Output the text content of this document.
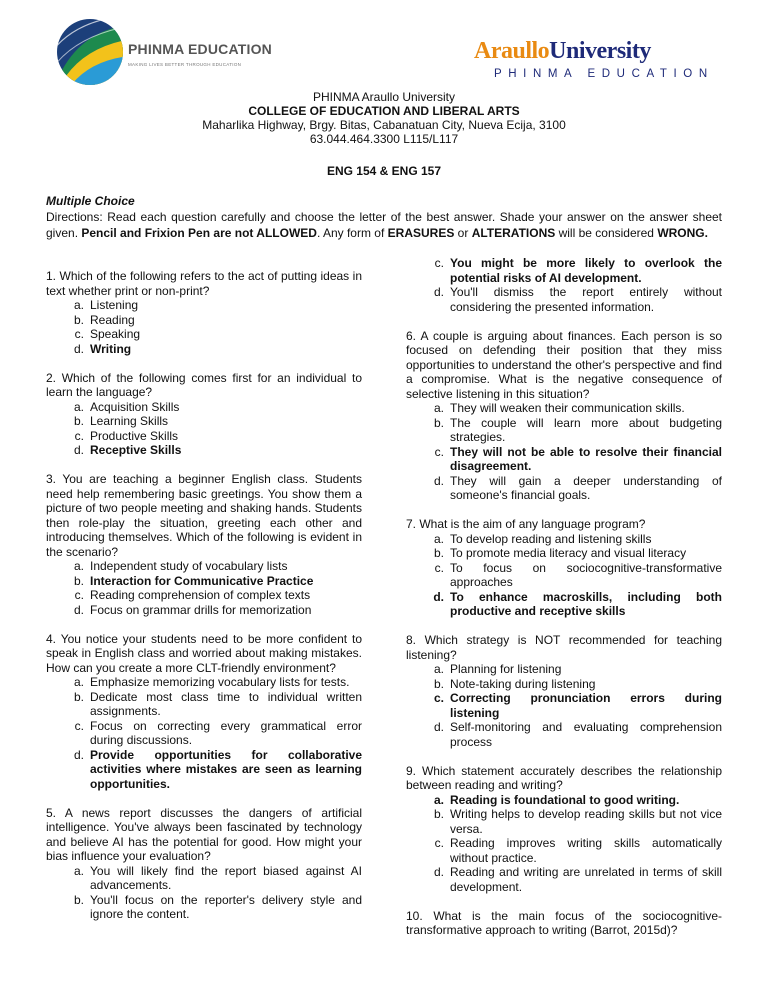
PHINMA EDUCATION
MAKING LIVES BETTER THROUGH EDUCATION
AraulloUniversity
PHINMA EDUCATION
PHINMA Araullo University
COLLEGE OF EDUCATION AND LIBERAL ARTS
Maharlika Highway, Brgy. Bitas, Cabanatuan City, Nueva Ecija, 3100
63.044.464.3300 L115/L117
ENG 154 & ENG 157
Multiple Choice
Directions: Read each question carefully and choose the letter of the best answer. Shade your answer on the answer sheet given. Pencil and Frixion Pen are not ALLOWED. Any form of ERASURES or ALTERATIONS will be considered WRONG.
1. Which of the following refers to the act of putting ideas in text whether print or non-print?
a. Listening
b. Reading
c. Speaking
d. Writing
2. Which of the following comes first for an individual to learn the language?
a. Acquisition Skills
b. Learning Skills
c. Productive Skills
d. Receptive Skills
3. You are teaching a beginner English class. Students need help remembering basic greetings. You show them a picture of two people meeting and shaking hands. Students then role-play the situation, greeting each other and introducing themselves. Which of the following is evident in the scenario?
a. Independent study of vocabulary lists
b. Interaction for Communicative Practice
c. Reading comprehension of complex texts
d. Focus on grammar drills for memorization
4. You notice your students need to be more confident to speak in English class and worried about making mistakes. How can you create a more CLT-friendly environment?
a. Emphasize memorizing vocabulary lists for tests.
b. Dedicate most class time to individual written assignments.
c. Focus on correcting every grammatical error during discussions.
d. Provide opportunities for collaborative activities where mistakes are seen as learning opportunities.
5. A news report discusses the dangers of artificial intelligence. You've always been fascinated by technology and believe AI has the potential for good. How might your bias influence your evaluation?
a. You will likely find the report biased against AI advancements.
b. You'll focus on the reporter's delivery style and ignore the content.
c. You might be more likely to overlook the potential risks of AI development.
d. You'll dismiss the report entirely without considering the presented information.
6. A couple is arguing about finances. Each person is so focused on defending their position that they miss opportunities to understand the other's perspective and find a compromise. What is the negative consequence of selective listening in this situation?
a. They will weaken their communication skills.
b. The couple will learn more about budgeting strategies.
c. They will not be able to resolve their financial disagreement.
d. They will gain a deeper understanding of someone's financial goals.
7. What is the aim of any language program?
a. To develop reading and listening skills
b. To promote media literacy and visual literacy
c. To focus on sociocognitive-transformative approaches
d. To enhance macroskills, including both productive and receptive skills
8. Which strategy is NOT recommended for teaching listening?
a. Planning for listening
b. Note-taking during listening
c. Correcting pronunciation errors during listening
d. Self-monitoring and evaluating comprehension process
9. Which statement accurately describes the relationship between reading and writing?
a. Reading is foundational to good writing.
b. Writing helps to develop reading skills but not vice versa.
c. Reading improves writing skills automatically without practice.
d. Reading and writing are unrelated in terms of skill development.
10. What is the main focus of the sociocognitive-transformative approach to writing (Barrot, 2015d)?
